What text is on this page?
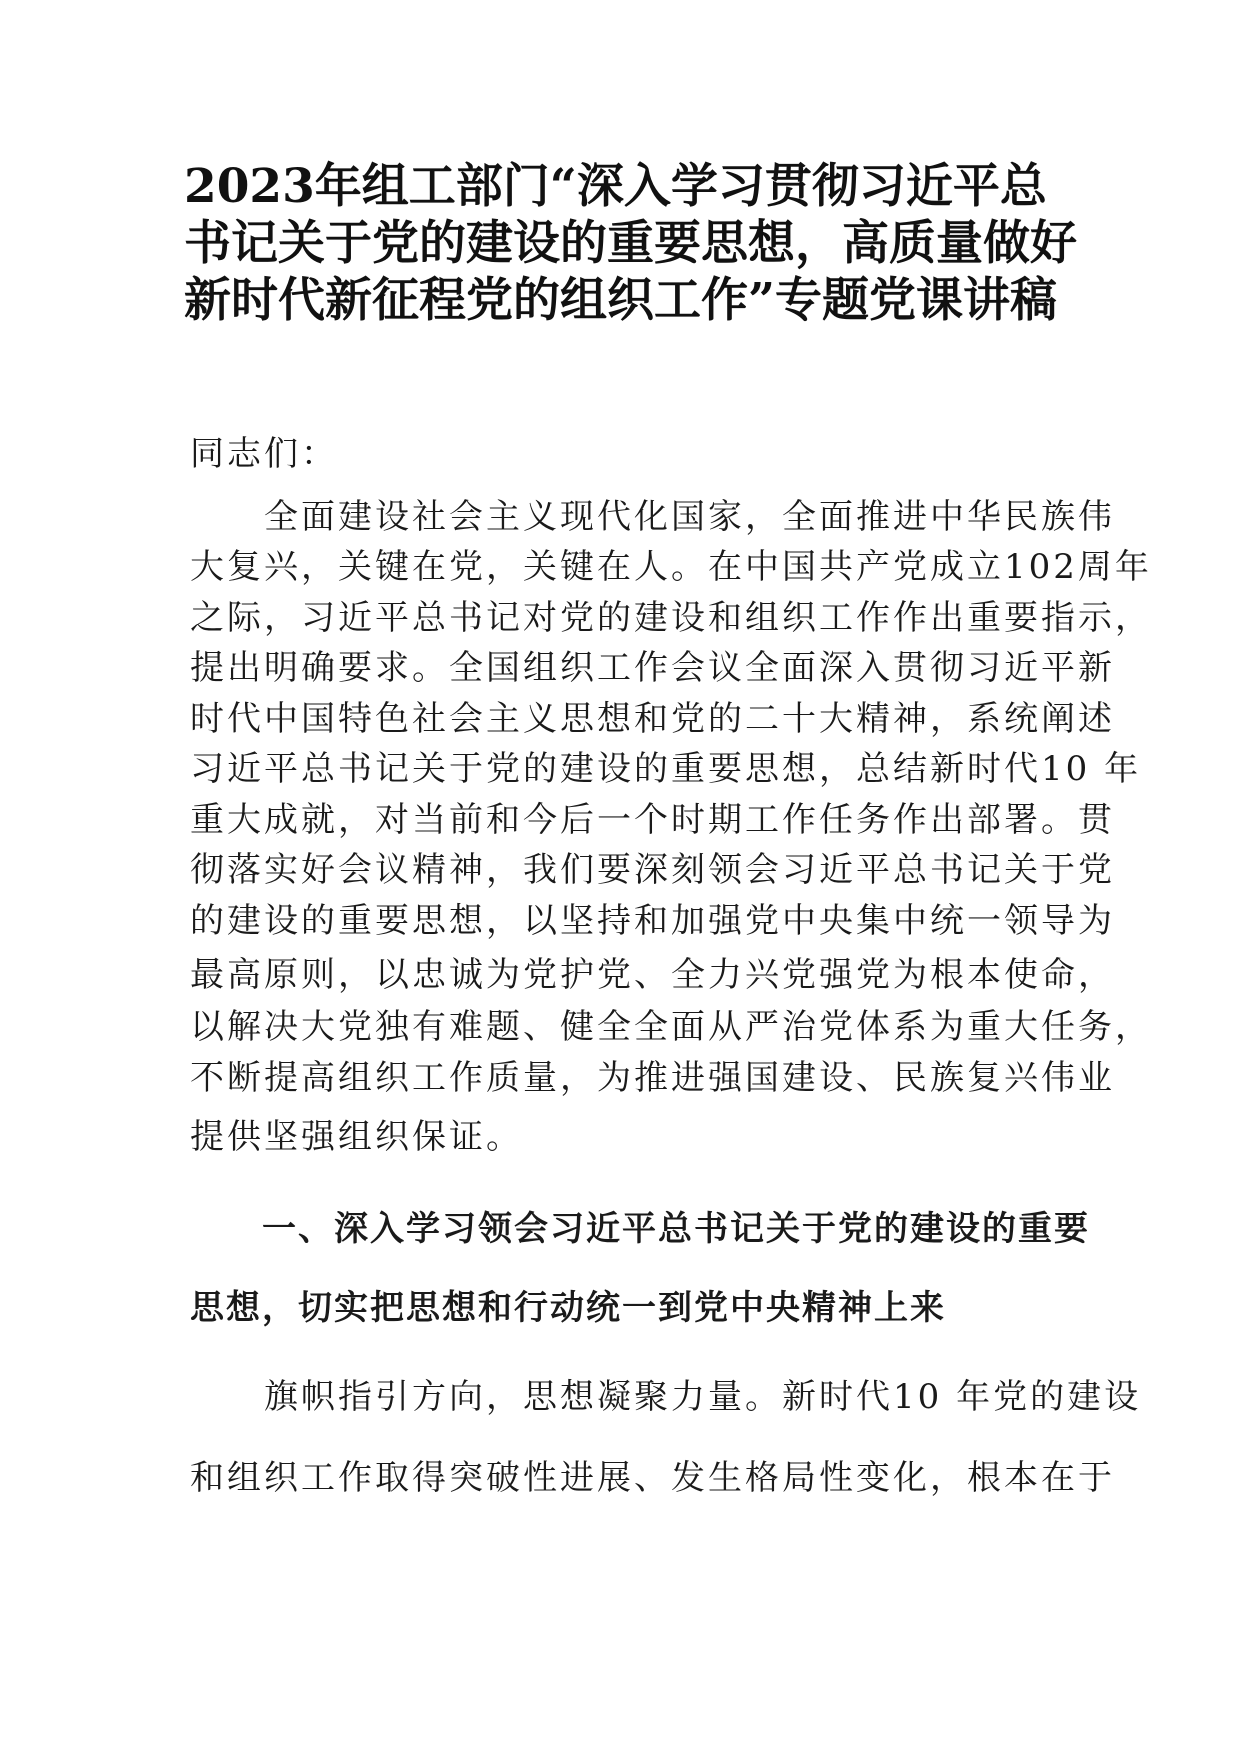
2023年组工部门“深入学习贯彻习近平总
书记关于党的建设的重要思想，高质量做好
新时代新征程党的组织工作”专题党课讲稿
同志们：
　　全面建设社会主义现代化国家，全面推进中华民族伟
大复兴，关键在党，关键在人。在中国共产党成立102周年
之际，习近平总书记对党的建设和组织工作作出重要指示，
提出明确要求。全国组织工作会议全面深入贯彻习近平新
时代中国特色社会主义思想和党的二十大精神，系统阐述
习近平总书记关于党的建设的重要思想，总结新时代10 年
重大成就，对当前和今后一个时期工作任务作出部署。贯
彻落实好会议精神，我们要深刻领会习近平总书记关于党
的建设的重要思想，以坚持和加强党中央集中统一领导为
最高原则，以忠诚为党护党、全力兴党强党为根本使命，
以解决大党独有难题、健全全面从严治党体系为重大任务，
不断提高组织工作质量，为推进强国建设、民族复兴伟业
提供坚强组织保证。
　　一、深入学习领会习近平总书记关于党的建设的重要
思想，切实把思想和行动统一到党中央精神上来
　　旗帜指引方向，思想凝聚力量。新时代10 年党的建设
和组织工作取得突破性进展、发生格局性变化，根本在于
